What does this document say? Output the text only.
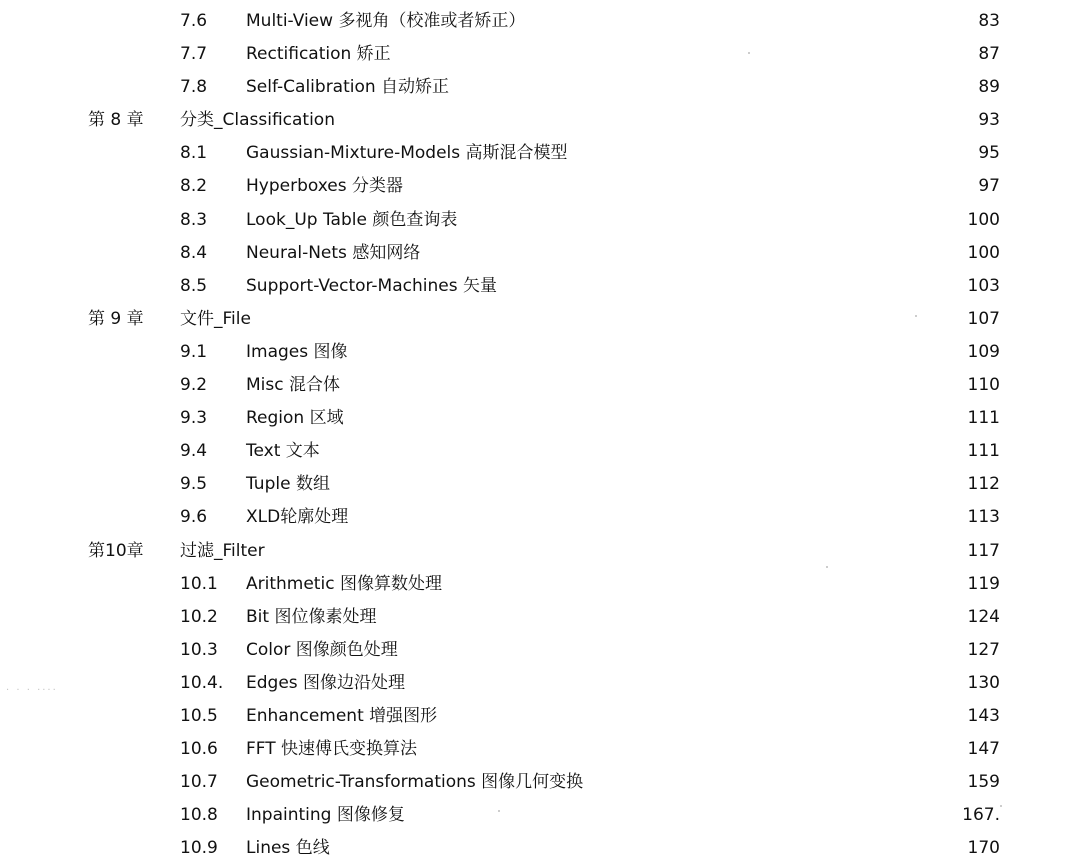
7.6 Multi-View 多视角（校准或者矫正）	83
7.7 Rectification 矫正	87
7.8 Self-Calibration 自动矫正	89
第 8 章 分类_Classification	93
8.1 Gaussian-Mixture-Models 高斯混合模型	95
8.2 Hyperboxes 分类器	97
8.3 Look_Up Table 颜色查询表	100
8.4 Neural-Nets 感知网络	100
8.5 Support-Vector-Machines 矢量	103
第 9 章 文件_File	107
9.1 Images 图像	109
9.2 Misc 混合体	110
9.3 Region 区域	111
9.4 Text 文本	111
9.5 Tuple 数组	112
9.6 XLD轮廓处理	113
第10章 过滤_Filter	117
10.1 Arithmetic 图像算数处理	119
10.2 Bit 图位像素处理	124
10.3 Color 图像颜色处理	127
10.4. Edges 图像边沿处理	130
10.5 Enhancement 增强图形	143
10.6 FFT 快速傅氏变换算法	147
10.7 Geometric-Transformations 图像几何变换	159
10.8 Inpainting 图像修复	167.
10.9 Lines 色线	170
· · · ····
